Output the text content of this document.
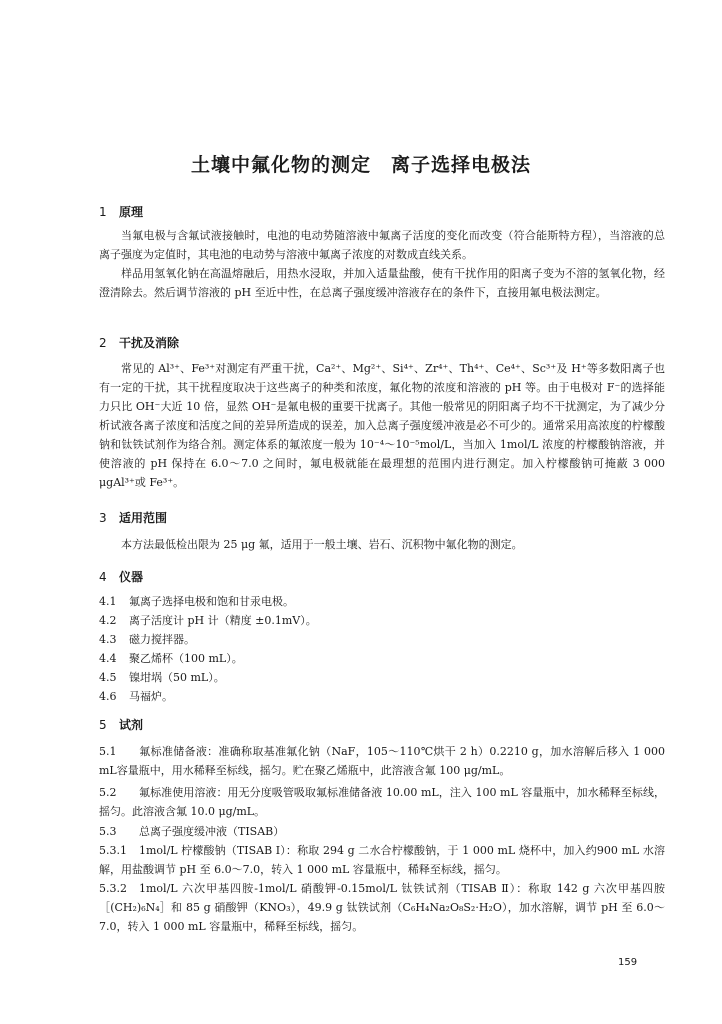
土壤中氟化物的测定　离子选择电极法
1 原理
当氟电极与含氟试液接触时，电池的电动势随溶液中氟离子活度的变化而改变（符合能斯特方程），当溶液的总离子强度为定值时，其电池的电动势与溶液中氟离子浓度的对数成直线关系。
样品用氢氧化钠在高温熔融后，用热水浸取，并加入适量盐酸，使有干扰作用的阳离子变为不溶的氢氧化物，经澄清除去。然后调节溶液的 pH 至近中性，在总离子强度缓冲溶液存在的条件下，直接用氟电极法测定。
2 干扰及消除
常见的 Al³⁺、Fe³⁺对测定有严重干扰，Ca²⁺、Mg²⁺、Si⁴⁺、Zr⁴⁺、Th⁴⁺、Ce⁴⁺、Sc³⁺及 H⁺等多数阳离子也有一定的干扰，其干扰程度取决于这些离子的种类和浓度，氟化物的浓度和溶液的 pH 等。由于电极对 F⁻的选择能力只比 OH⁻大近 10 倍，显然 OH⁻是氟电极的重要干扰离子。其他一般常见的阴阳离子均不干扰测定，为了减少分析试液各离子浓度和活度之间的差异所造成的误差，加入总离子强度缓冲液是必不可少的。通常采用高浓度的柠檬酸钠和钛铁试剂作为络合剂。测定体系的氟浓度一般为 10⁻⁴～10⁻⁵mol/L，当加入 1mol/L 浓度的柠檬酸钠溶液，并使溶液的 pH 保持在 6.0～7.0 之间时，氟电极就能在最理想的范围内进行测定。加入柠檬酸钠可掩蔽 3 000 μgAl³⁺或 Fe³⁺。
3 适用范围
本方法最低检出限为 25 μg 氟，适用于一般土壤、岩石、沉积物中氟化物的测定。
4 仪器
4.1 氟离子选择电极和饱和甘汞电极。
4.2 离子活度计 pH 计（精度 ±0.1mV）。
4.3 磁力搅拌器。
4.4 聚乙烯杯（100 mL）。
4.5 镍坩埚（50 mL）。
4.6 马福炉。
5 试剂
5.1 氟标准储备液：准确称取基准氟化钠（NaF，105～110℃烘干 2 h）0.2210 g，加水溶解后移入 1 000 mL容量瓶中，用水稀释至标线，摇匀。贮在聚乙烯瓶中，此溶液含氟 100 μg/mL。
5.2 氟标准使用溶液：用无分度吸管吸取氟标准储备液 10.00 mL，注入 100 mL 容量瓶中，加水稀释至标线，摇匀。此溶液含氟 10.0 μg/mL。
5.3 总离子强度缓冲液（TISAB）
5.3.1 1mol/L 柠檬酸钠（TISAB Ⅰ）：称取 294 g 二水合柠檬酸钠，于 1 000 mL 烧杯中，加入约900 mL 水溶解，用盐酸调节 pH 至 6.0～7.0，转入 1 000 mL 容量瓶中，稀释至标线，摇匀。
5.3.2 1mol/L 六次甲基四胺-1mol/L 硝酸钾-0.15mol/L 钛铁试剂（TISAB Ⅱ）：称取 142 g 六次甲基四胺［(CH₂)₆N₄］和 85 g 硝酸钾（KNO₃），49.9 g 钛铁试剂（C₆H₄Na₂O₈S₂·H₂O），加水溶解，调节 pH 至 6.0～7.0，转入 1 000 mL 容量瓶中，稀释至标线，摇匀。
159
